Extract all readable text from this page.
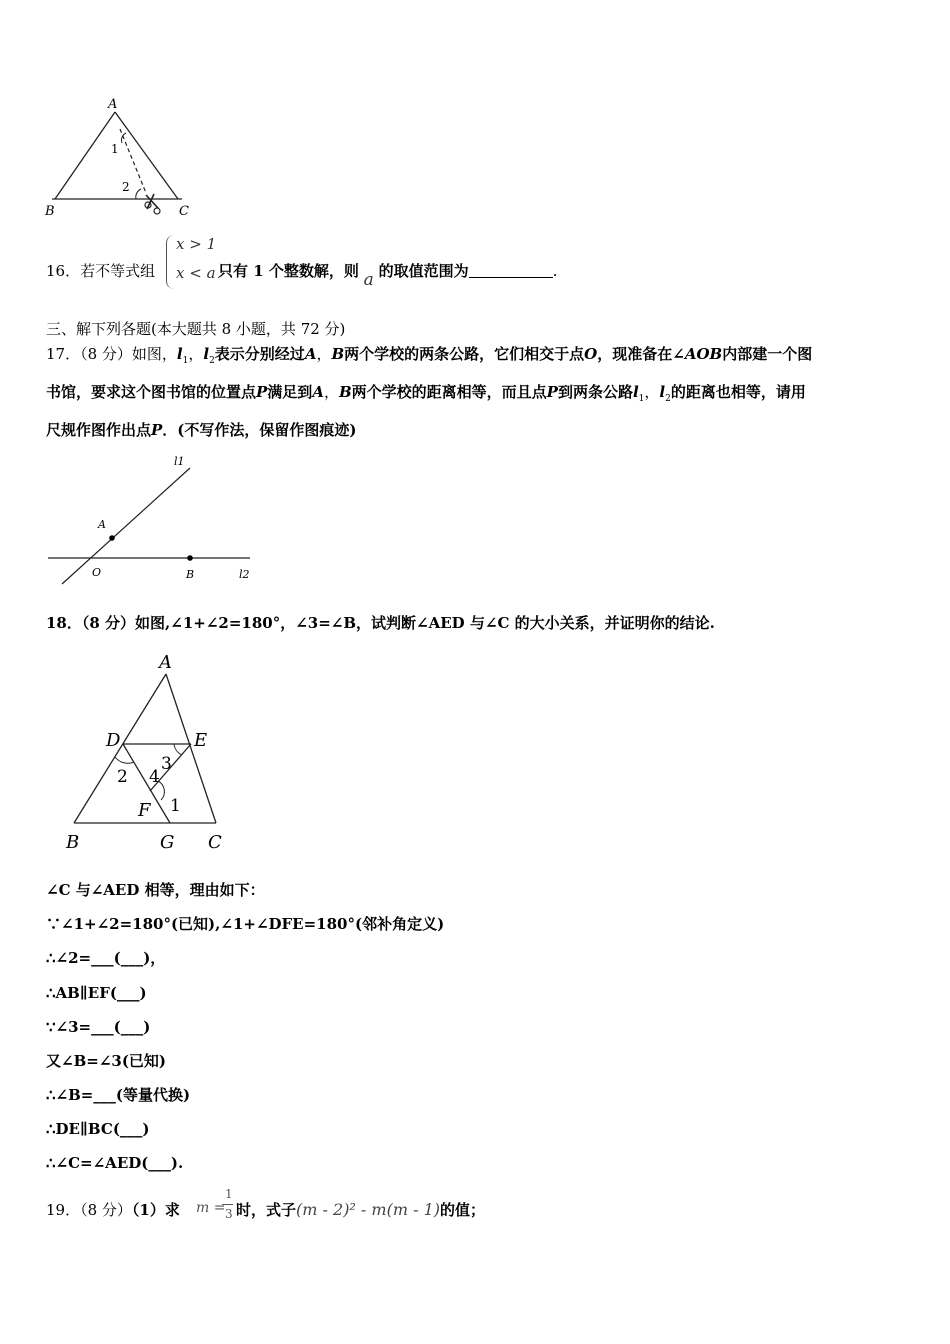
A
B	C
1
2
16．若不等式组
x > 1
x < a 只有 1 个整数解，则 a 的取值范围为	.
三、解下列各题(本大题共 8 小题，共 72 分)
17．（8 分）如图，$l_1$，$l_2$表示分别经过A，B两个学校的两条公路，它们相交于点O，现准备在∠AOB内部建一个图
书馆，要求这个图书馆的位置点P满足到A，B两个学校的距离相等，而且点P到两条公路$l_1$，$l_2$的距离也相等，请用
尺规作图作出点P．(不写作法，保留作图痕迹)
l1
A
O	B	l2
18．（8 分）如图,∠1+∠2=180°，∠3=∠B，试判断∠AED 与∠C 的大小关系，并证明你的结论.
A
D	E
B	G C
F
2 4
3
1
∠C 与∠AED 相等，理由如下：
∵∠1+∠2=180°(已知),∠1+∠DFE=180°(邻补角定义)
∴∠2=___(___)，
∴AB∥EF(___)
∵∠3=___(___)
又∠B=∠3(已知)
∴∠B=___(等量代换)
∴DE∥BC(___)
∴∠C=∠AED(___).
19．（8 分）（1）求 m =
1
3 时，式子(m - 2)² - m(m - 1)的值；
